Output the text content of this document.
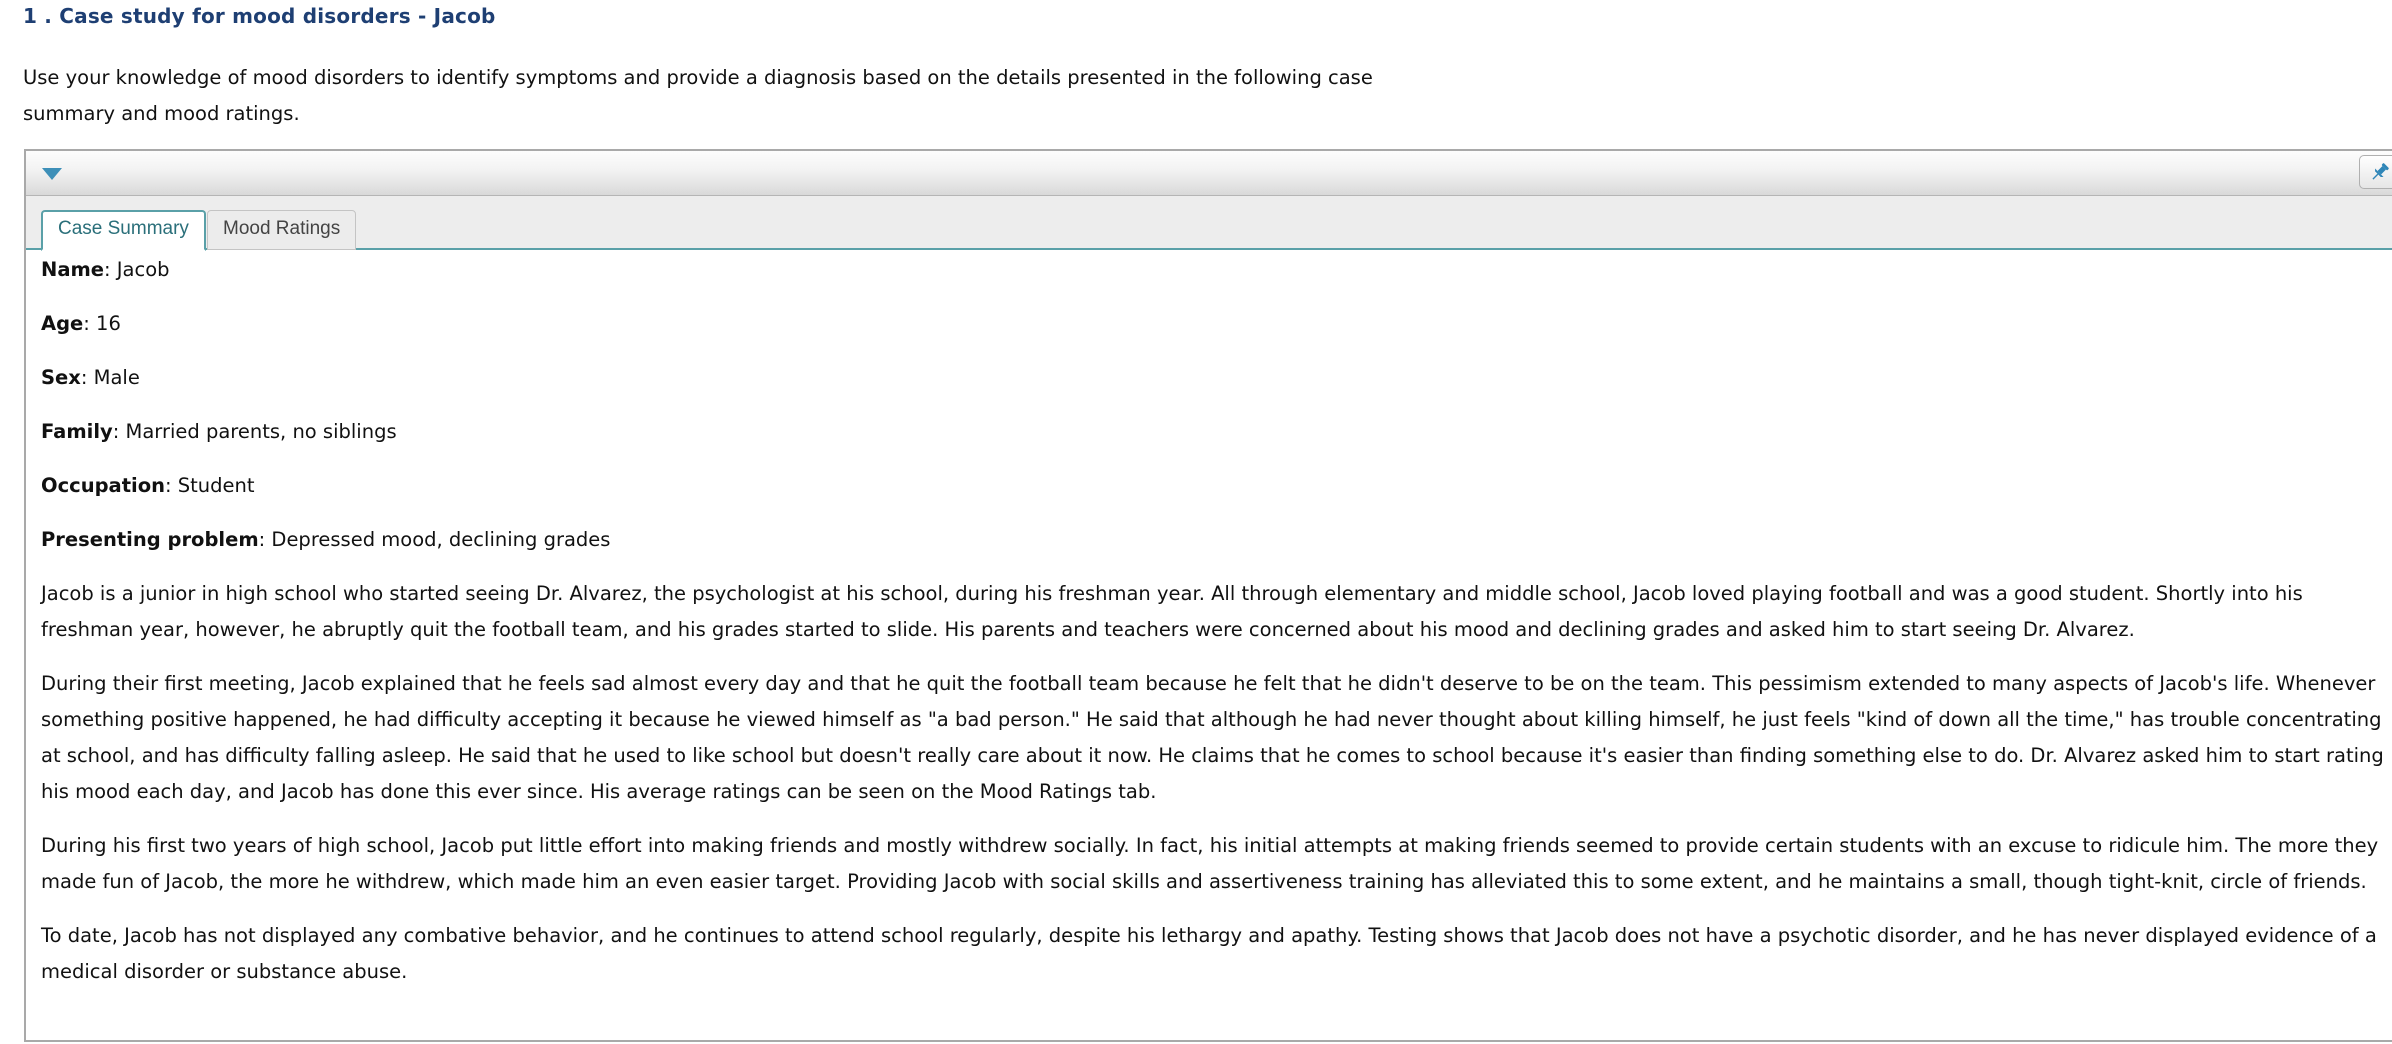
1 . Case study for mood disorders - Jacob
Use your knowledge of mood disorders to identify symptoms and provide a diagnosis based on the details presented in the following case summary and mood ratings.
Case Summary	Mood Ratings

Name: Jacob

Age: 16

Sex: Male

Family: Married parents, no siblings

Occupation: Student

Presenting problem: Depressed mood, declining grades

Jacob is a junior in high school who started seeing Dr. Alvarez, the psychologist at his school, during his freshman year. All through elementary and middle school, Jacob loved playing football and was a good student. Shortly into his freshman year, however, he abruptly quit the football team, and his grades started to slide. His parents and teachers were concerned about his mood and declining grades and asked him to start seeing Dr. Alvarez.

During their first meeting, Jacob explained that he feels sad almost every day and that he quit the football team because he felt that he didn't deserve to be on the team. This pessimism extended to many aspects of Jacob's life. Whenever something positive happened, he had difficulty accepting it because he viewed himself as "a bad person." He said that although he had never thought about killing himself, he just feels "kind of down all the time," has trouble concentrating at school, and has difficulty falling asleep. He said that he used to like school but doesn't really care about it now. He claims that he comes to school because it's easier than finding something else to do. Dr. Alvarez asked him to start rating his mood each day, and Jacob has done this ever since. His average ratings can be seen on the Mood Ratings tab.

During his first two years of high school, Jacob put little effort into making friends and mostly withdrew socially. In fact, his initial attempts at making friends seemed to provide certain students with an excuse to ridicule him. The more they made fun of Jacob, the more he withdrew, which made him an even easier target. Providing Jacob with social skills and assertiveness training has alleviated this to some extent, and he maintains a small, though tight-knit, circle of friends.

To date, Jacob has not displayed any combative behavior, and he continues to attend school regularly, despite his lethargy and apathy. Testing shows that Jacob does not have a psychotic disorder, and he has never displayed evidence of a medical disorder or substance abuse.
